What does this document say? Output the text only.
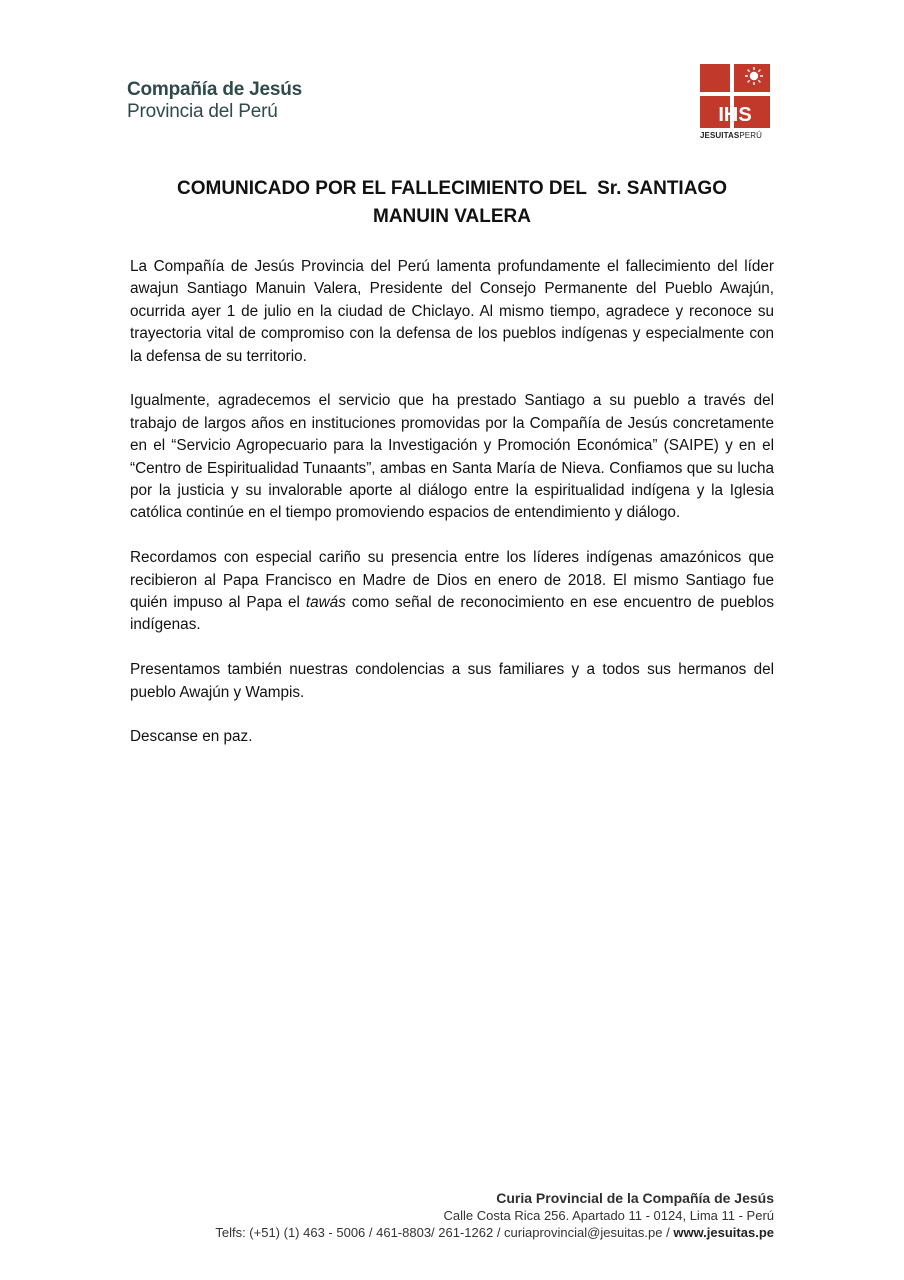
Compañía de Jesús
Provincia del Perú	IHS
JESUITASPERÚ
COMUNICADO POR EL FALLECIMIENTO DEL  Sr. SANTIAGO
MANUIN VALERA

La Compañía de Jesús Provincia del Perú lamenta profundamente el fallecimiento del líder awajun Santiago Manuin Valera, Presidente del Consejo Permanente del Pueblo Awajún, ocurrida ayer 1 de julio en la ciudad de Chiclayo. Al mismo tiempo, agradece y reconoce su trayectoria vital de compromiso con la defensa de los pueblos indígenas y especialmente con la defensa de su territorio.

Igualmente, agradecemos el servicio que ha prestado Santiago a su pueblo a través del trabajo de largos años en instituciones promovidas por la Compañía de Jesús concretamente en el “Servicio Agropecuario para la Investigación y Promoción Económica” (SAIPE) y en el “Centro de Espiritualidad Tunaants”, ambas en Santa María de Nieva. Confiamos que su lucha por la justicia y su invalorable aporte al diálogo entre la espiritualidad indígena y la Iglesia católica continúe en el tiempo promoviendo espacios de entendimiento y diálogo.

Recordamos con especial cariño su presencia entre los líderes indígenas amazónicos que recibieron al Papa Francisco en Madre de Dios en enero de 2018. El mismo Santiago fue quién impuso al Papa el tawás como señal de reconocimiento en ese encuentro de pueblos indígenas.

Presentamos también nuestras condolencias a sus familiares y a todos sus hermanos del pueblo Awajún y Wampis.

Descanse en paz.

Curia Provincial de la Compañía de Jesús
Calle Costa Rica 256. Apartado 11 - 0124, Lima 11 - Perú
Telfs: (+51) (1) 463 - 5006 / 461-8803/ 261-1262 / curiaprovincial@jesuitas.pe / www.jesuitas.pe
